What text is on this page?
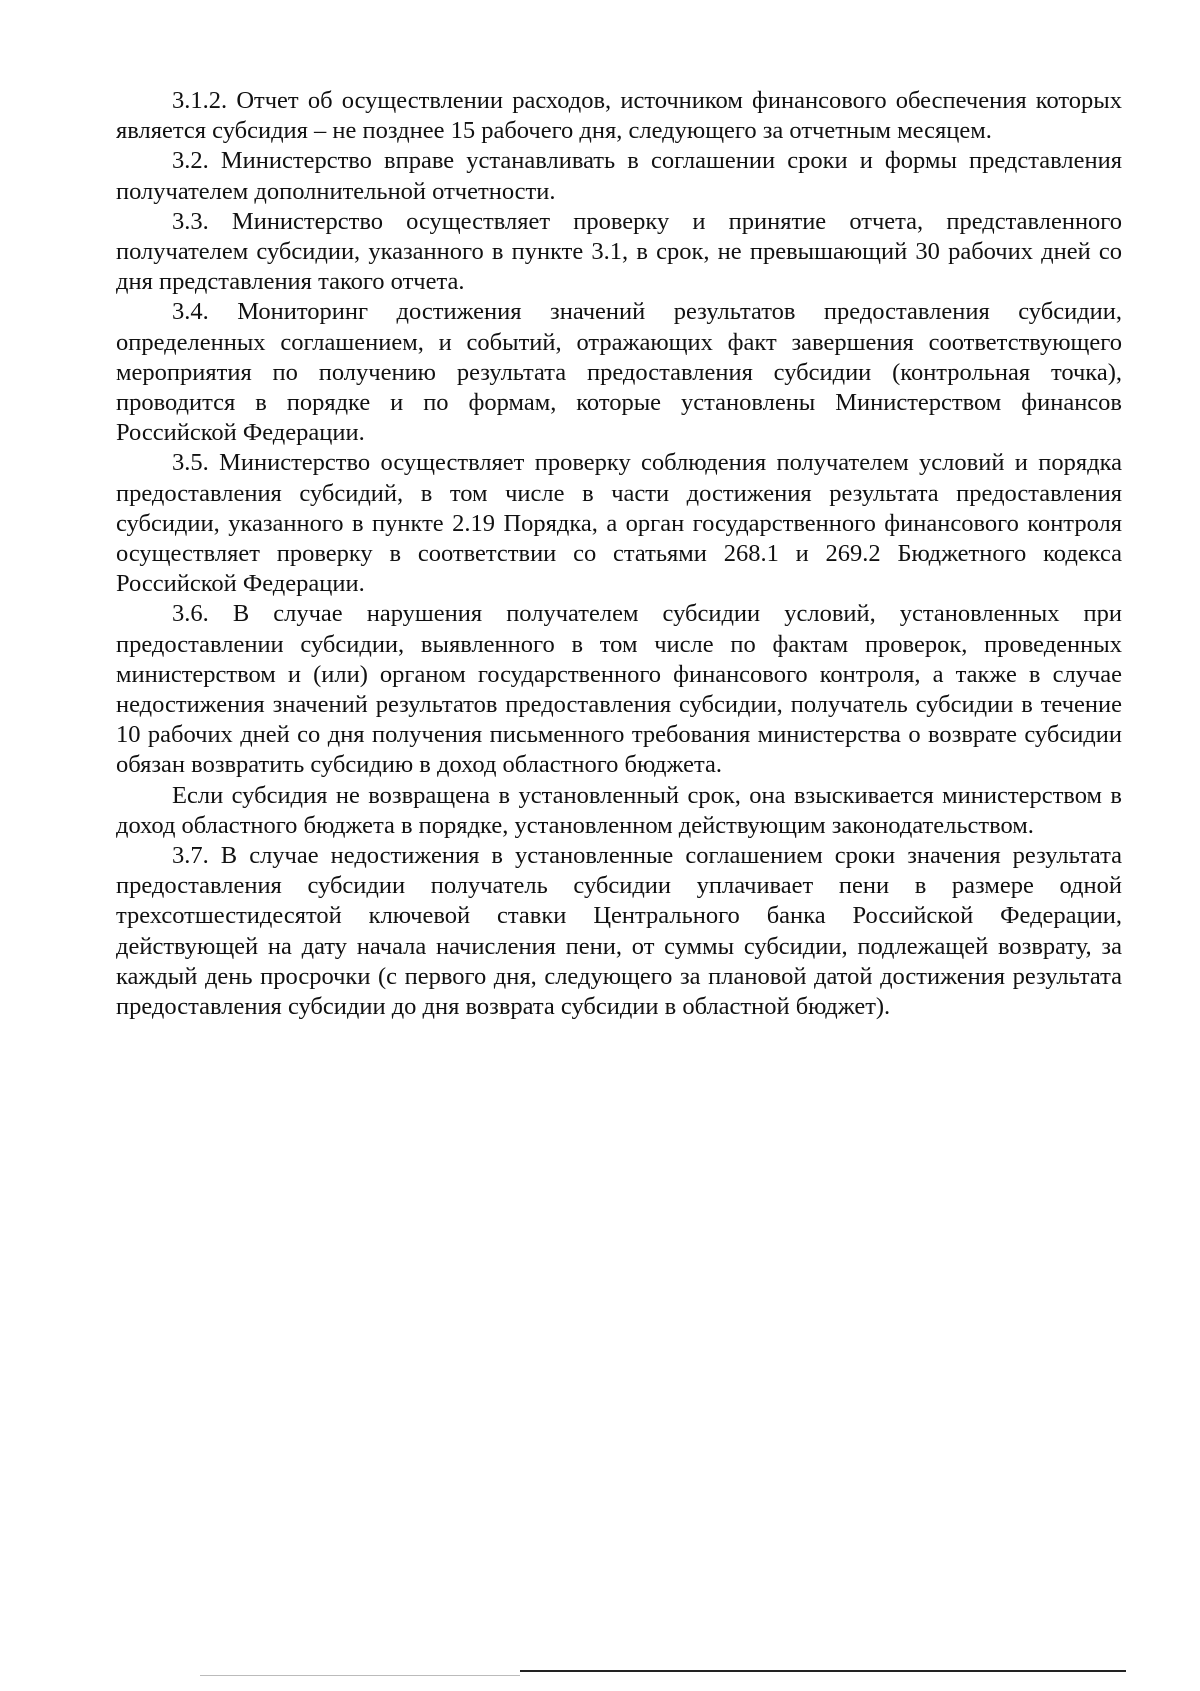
3.1.2. Отчет об осуществлении расходов, источником финансового обеспечения которых является субсидия – не позднее 15 рабочего дня, следующего за отчетным месяцем.

3.2. Министерство вправе устанавливать в соглашении сроки и формы представления получателем дополнительной отчетности.

3.3. Министерство осуществляет проверку и принятие отчета, представленного получателем субсидии, указанного в пункте 3.1, в срок, не превышающий 30 рабочих дней со дня представления такого отчета.

3.4. Мониторинг достижения значений результатов предоставления субсидии, определенных соглашением, и событий, отражающих факт завершения соответствующего мероприятия по получению результата предоставления субсидии (контрольная точка), проводится в порядке и по формам, которые установлены Министерством финансов Российской Федерации.

3.5. Министерство осуществляет проверку соблюдения получателем условий и порядка предоставления субсидий, в том числе в части достижения результата предоставления субсидии, указанного в пункте 2.19 Порядка, а орган государственного финансового контроля осуществляет проверку в соответствии со статьями 268.1 и 269.2 Бюджетного кодекса Российской Федерации.

3.6. В случае нарушения получателем субсидии условий, установленных при предоставлении субсидии, выявленного в том числе по фактам проверок, проведенных министерством и (или) органом государственного финансового контроля, а также в случае недостижения значений результатов предоставления субсидии, получатель субсидии в течение 10 рабочих дней со дня получения письменного требования министерства о возврате субсидии обязан возвратить субсидию в доход областного бюджета.

Если субсидия не возвращена в установленный срок, она взыскивается министерством в доход областного бюджета в порядке, установленном действующим законодательством.

3.7. В случае недостижения в установленные соглашением сроки значения результата предоставления субсидии получатель субсидии уплачивает пени в размере одной трехсотшестидесятой ключевой ставки Центрального банка Российской Федерации, действующей на дату начала начисления пени, от суммы субсидии, подлежащей возврату, за каждый день просрочки (с первого дня, следующего за плановой датой достижения результата предоставления субсидии до дня возврата субсидии в областной бюджет).
